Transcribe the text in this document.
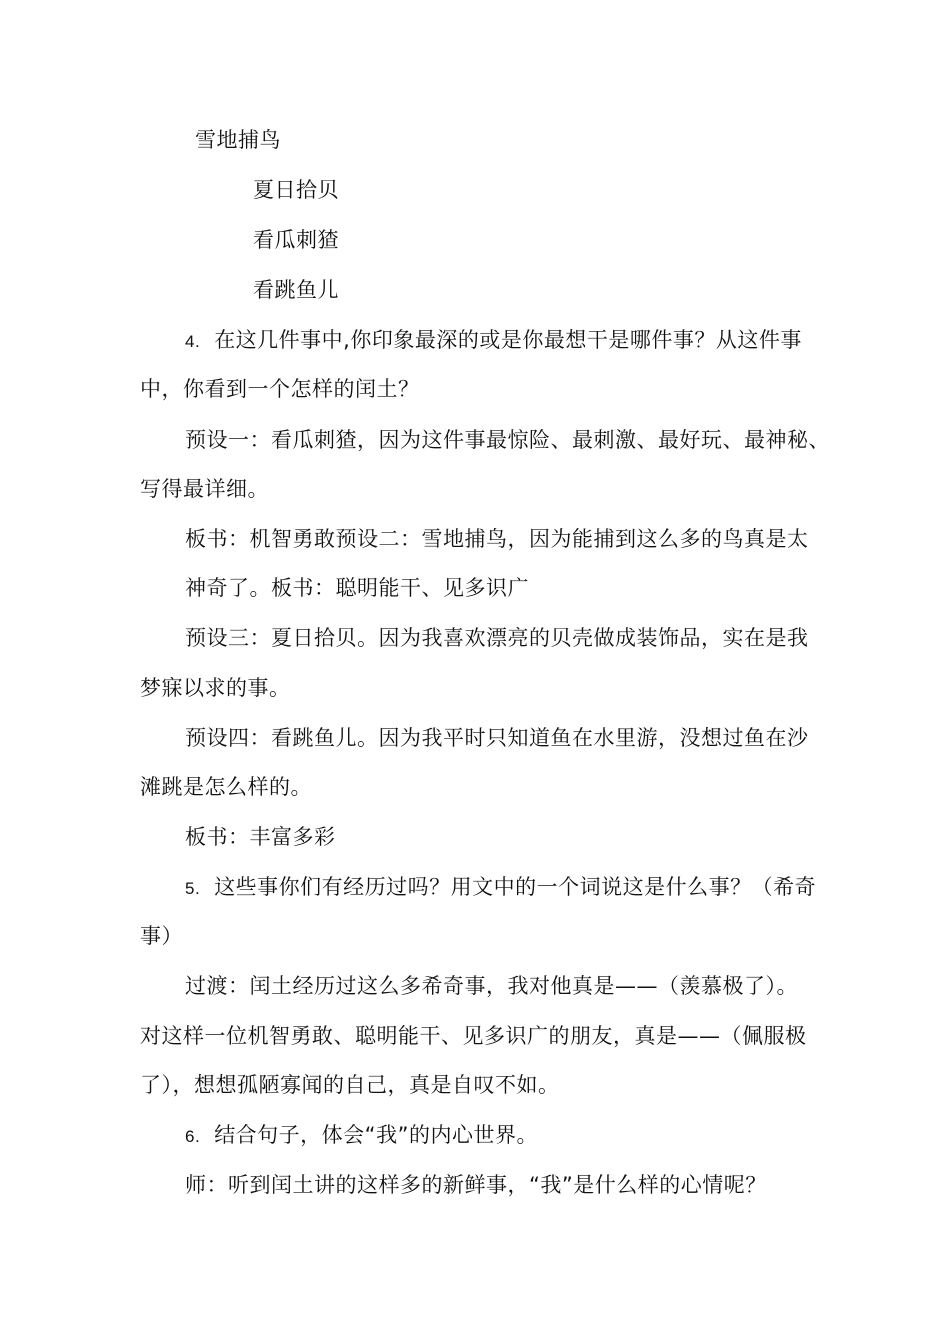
雪地捕鸟

夏日拾贝

看瓜刺猹

看跳鱼儿

4. 在这几件事中,你印象最深的或是你最想干是哪件事？从这件事

中，你看到一个怎样的闰土？

预设一：看瓜刺猹，因为这件事最惊险、最刺激、最好玩、最神秘、

写得最详细。

板书：机智勇敢预设二：雪地捕鸟，因为能捕到这么多的鸟真是太

神奇了。板书：聪明能干、见多识广

预设三：夏日拾贝。因为我喜欢漂亮的贝壳做成装饰品，实在是我

梦寐以求的事。

预设四：看跳鱼儿。因为我平时只知道鱼在水里游，没想过鱼在沙

滩跳是怎么样的。

板书：丰富多彩

5. 这些事你们有经历过吗？用文中的一个词说这是什么事？（希奇

事）

过渡：闰土经历过这么多希奇事，我对他真是——（羡慕极了）。

对这样一位机智勇敢、聪明能干、见多识广的朋友，真是——（佩服极

了），想想孤陋寡闻的自己，真是自叹不如。

6. 结合句子，体会“我”的内心世界。

师：听到闰土讲的这样多的新鲜事，“我”是什么样的心情呢？
